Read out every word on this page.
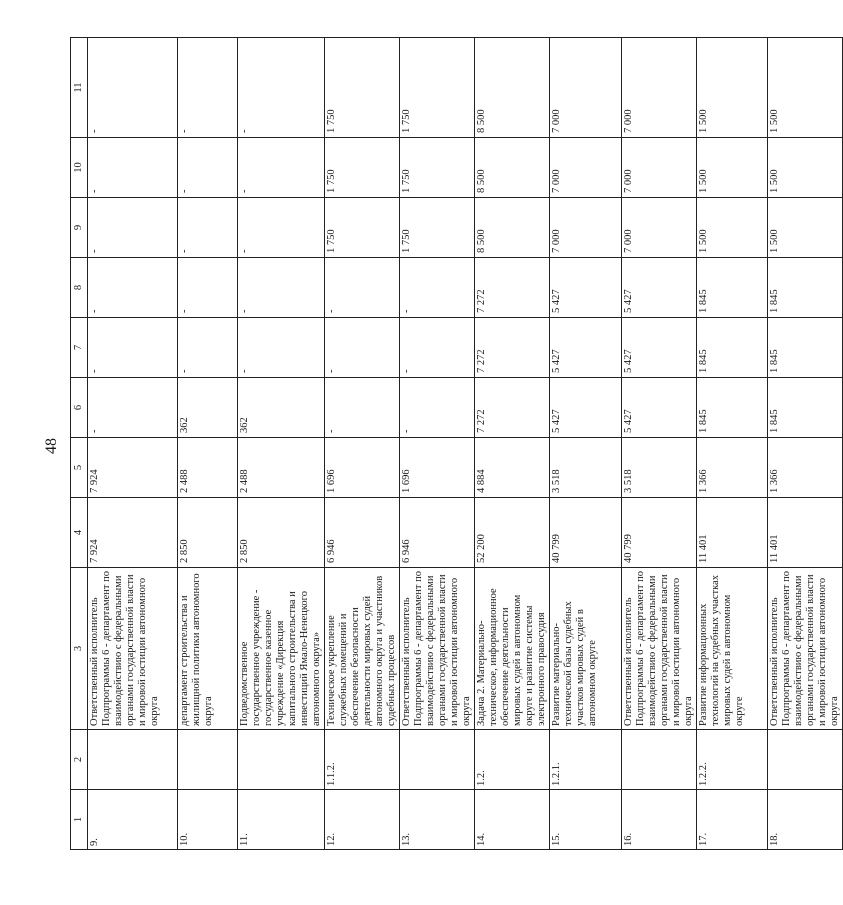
48
1	2	3	4	5	6	7	8	9	10	11
9.		Ответственный исполнитель Подпрограммы 6 - департамент по взаимодействию с федеральными органами государственной власти и мировой юстиции автономного округа	7 924	7 924	-	-	-	-	-	-
10.		департамент строительства и жилищной политики автономного округа	2 850	2 488	362	-	-	-	-	-
11.		Подведомственное государственное учреждение - государственное казенное учреждение «Дирекция капитального строительства и инвестиций Ямало-Ненецкого автономного округа»	2 850	2 488	362	-	-	-	-	-
12.	1.1.2.	Техническое укрепление служебных помещений и обеспечение безопасности деятельности мировых судей автономного округа и участников судебных процессов	6 946	1 696	-	-	-	1 750	1 750	1 750
13.		Ответственный исполнитель Подпрограммы 6 - департамент по взаимодействию с федеральными органами государственной власти и мировой юстиции автономного округа	6 946	1 696	-	-	-	1 750	1 750	1 750
14.	1.2.	Задача 2. Материально-техническое, информационное обеспечение деятельности мировых судей в автономном округе и развитие системы электронного правосудия	52 200	4 884	7 272	7 272	7 272	8 500	8 500	8 500
15.	1.2.1.	Развитие материально-технической базы судебных участков мировых судей в автономном округе	40 799	3 518	5 427	5 427	5 427	7 000	7 000	7 000
16.		Ответственный исполнитель Подпрограммы 6 - департамент по взаимодействию с федеральными органами государственной власти и мировой юстиции автономного округа	40 799	3 518	5 427	5 427	5 427	7 000	7 000	7 000
17.	1.2.2.	Развитие информационных технологий на судебных участках мировых судей в автономном округе	11 401	1 366	1 845	1 845	1 845	1 500	1 500	1 500
18.		Ответственный исполнитель Подпрограммы 6 - департамент по взаимодействию с федеральными органами государственной власти и мировой юстиции автономного округа	11 401	1 366	1 845	1 845	1 845	1 500	1 500	1 500
